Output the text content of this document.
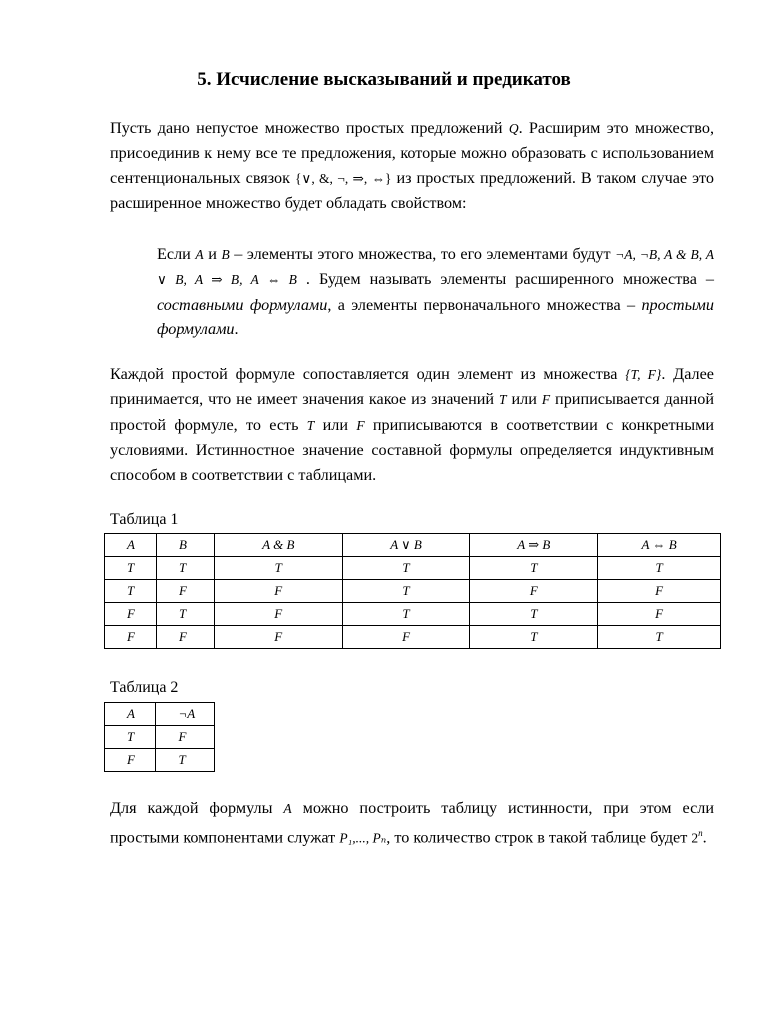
5. Исчисление высказываний и предикатов
Пусть дано непустое множество простых предложений Q. Расширим это множество, присоединив к нему все те предложения, которые можно образовать с использованием сентенциональных связок {∨, &, ¬, ⇒, ⇔} из простых предложений. В таком случае это расширенное множество будет обладать свойством:
Если A и B – элементы этого множества, то его элементами будут ¬A, ¬B, A & B, A ∨ B, A ⇒ B, A ⇔ B . Будем называть элементы расширенного множества – составными формулами, а элементы первоначального множества – простыми формулами.
Каждой простой формуле сопоставляется один элемент из множества {T, F}. Далее принимается, что не имеет значения какое из значений T или F приписывается данной простой формуле, то есть T или F приписываются в соответствии с конкретными условиями. Истинностное значение составной формулы определяется индуктивным способом в соответствии с таблицами.
Таблица 1
A	B	A & B	A ∨ B	A ⇒ B	A ⇔ B
T	T	T	T	T	T
T	F	F	T	F	F
F	T	F	T	T	F
F	F	F	F	T	T
Таблица 2
A	¬A
T	F
F	T
Для каждой формулы A можно построить таблицу истинности, при этом если простыми компонентами служат P₁,..., Pₙ, то количество строк в такой таблице будет 2$^n$.
